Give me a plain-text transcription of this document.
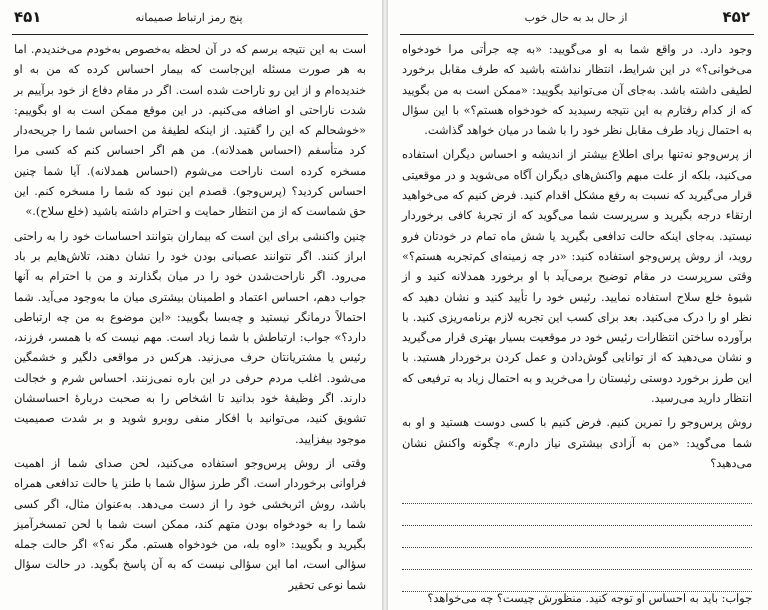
۴۵۱	پنج رمز ارتباط صمیمانه

است به این نتیجه برسم که در آن لحظه به‌خصوص به‌خودم می‌خندیدم. اما به هر صورت مسئله این‌جاست که بیمار احساس کرده که من به او خندیده‌ام و از این رو ناراحت شده است. اگر در مقام دفاع از خود برآییم بر شدت ناراحتی او اضافه می‌کنیم. در این موقع ممکن است به او بگوییم: «خوشحالم که این را گفتید. از اینکه لطیفهٔ من احساس شما را جریحه‌دار کرد متأسفم (احساس همدلانه). من هم اگر احساس کنم که کسی مرا مسخره کرده است ناراحت می‌شوم (احساس همدلانه). آیا شما چنین احساس کردید؟ (پرس‌وجو). قصدم این نبود که شما را مسخره کنم. این حق شماست که از من انتظار حمایت و احترام داشته باشید (خلع سلاح).»

چنین واکنشی برای این است که بیماران بتوانند احساسات خود را به راحتی ابراز کنند. اگر نتوانند عصبانی بودن خود را نشان دهند، تلاش‌هایم بر باد می‌رود. اگر ناراحت‌شدن خود را در میان بگذارند و من با احترام به آنها جواب دهم، احساس اعتماد و اطمینان بیشتری میان ما به‌وجود می‌آید. شما احتمالاً درمانگر نیستید و چه‌بسا بگویید: «این موضوع به من چه ارتباطی دارد؟» جواب: ارتباطش با شما زیاد است. مهم نیست که با همسر، فرزند، رئیس یا مشتریانتان حرف می‌زنید. هرکس در مواقعی دلگیر و خشمگین می‌شود. اغلب مردم حرفی در این باره نمی‌زنند. احساس شرم و خجالت دارند. اگر وظیفهٔ خود بدانید تا اشخاص را به صحبت دربارهٔ احساسشان تشویق کنید، می‌توانید با افکار منفی روبرو شوید و بر شدت صمیمیت موجود بیفزایید.

وقتی از روش پرس‌وجو استفاده می‌کنید، لحن صدای شما از اهمیت فراوانی برخوردار است. اگر طرز سؤال شما با طنز یا حالت تدافعی همراه باشد، روش اثربخشی خود را از دست می‌دهد. به‌عنوان مثال، اگر کسی شما را به خودخواه بودن متهم کند، ممکن است شما با لحن تمسخرآمیز بگیرید و بگویید: «اوه بله، من خودخواه هستم. مگر نه؟» اگر حالت جمله سؤالی است، اما این سؤالی نیست که به آن پاسخ بگوید. در حالت سؤال شما نوعی تحقیر

۴۵۲
از حال بد به حال خوب

وجود دارد. در واقع شما به او می‌گویید: «به چه جرأتی مرا خودخواه می‌خوانی؟» در این شرایط، انتظار نداشته باشید که طرف مقابل برخورد لطیفی داشته باشد. به‌جای آن می‌توانید بگویید: «ممکن است به من بگویید که از کدام رفتارم به این نتیجه رسیدید که خودخواه هستم؟» با این سؤال به احتمال زیاد طرف مقابل نظر خود را با شما در میان خواهد گذاشت.

از پرس‌وجو نه‌تنها برای اطلاع بیشتر از اندیشه و احساس دیگران استفاده می‌کنید، بلکه از علت مبهم واکنش‌های دیگران آگاه می‌شوید و در موقعیتی قرار می‌گیرید که نسبت به رفع مشکل اقدام کنید. فرض کنیم که می‌خواهید ارتقاء درجه بگیرید و سرپرست شما می‌گوید که از تجربهٔ کافی برخوردار نیستید. به‌جای اینکه حالت تدافعی بگیرید یا شش ماه تمام در خودتان فرو روید، از روش پرس‌وجو استفاده کنید: «در چه زمینه‌ای کم‌تجربه هستم؟» وقتی سرپرست در مقام توضیح برمی‌آید با او برخورد همدلانه کنید و از شیوهٔ خلع سلاح استفاده نمایید. رئیس خود را تأیید کنید و نشان دهید که نظر او را درک می‌کنید. بعد برای کسب این تجربه لازم برنامه‌ریزی کنید. با برآورده ساختن انتظارات رئیس خود در موقعیت بسیار بهتری قرار می‌گیرید و نشان می‌دهید که از توانایی گوش‌دادن و عمل کردن برخوردار هستید. با این طرز برخورد دوستی رئیستان را می‌خرید و به احتمال زیاد به ترفیعی که انتظار دارید می‌رسید.

روش پرس‌وجو را تمرین کنیم. فرض کنیم با کسی دوست هستید و او به شما می‌گوید: «من به آزادی بیشتری نیاز دارم.» چگونه واکنش نشان می‌دهید؟

جواب: باید به احساس او توجه کنید. منظورش چیست؟ چه می‌خواهد؟
